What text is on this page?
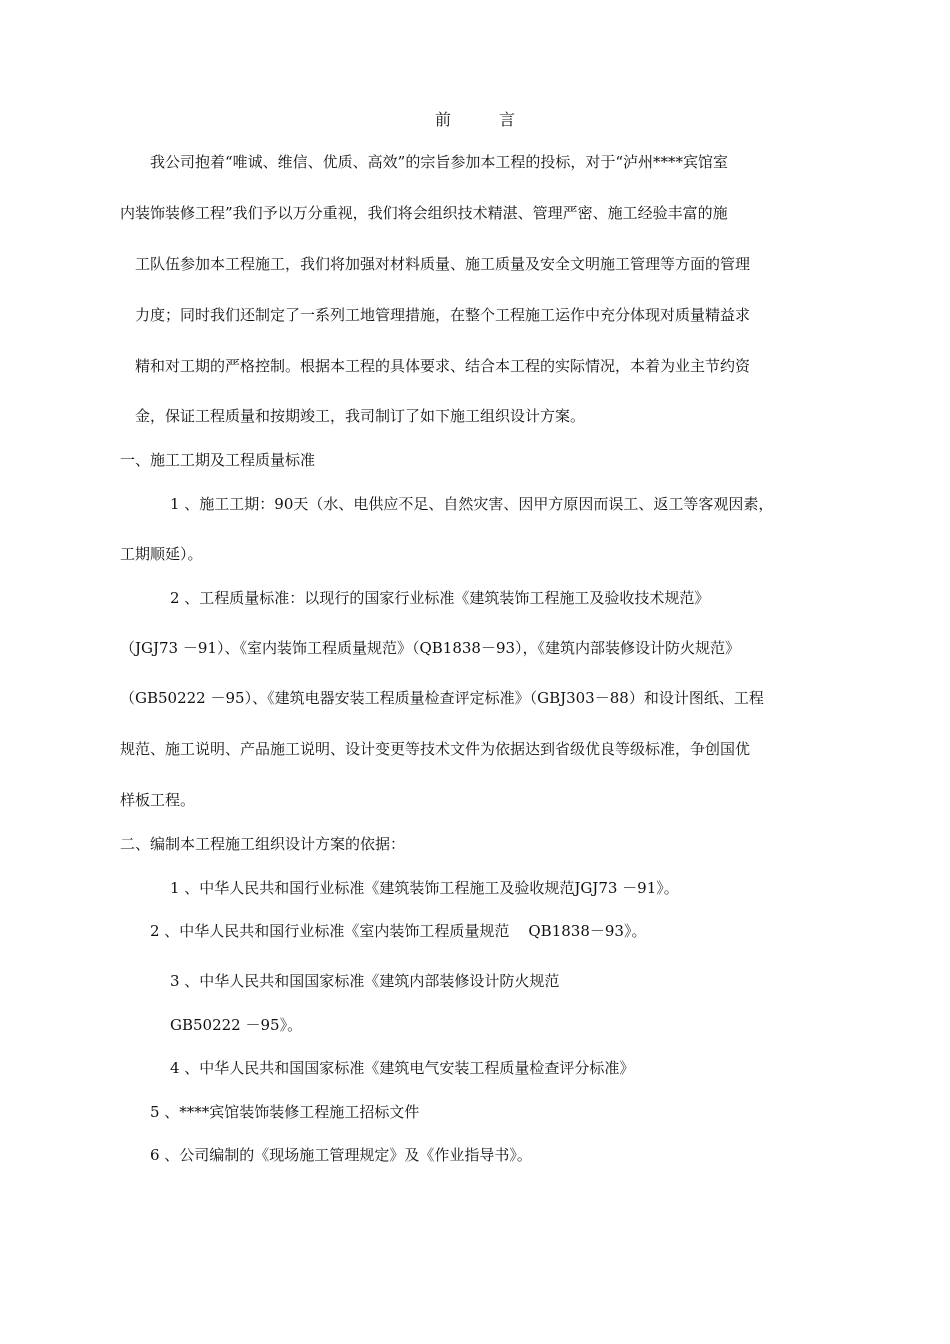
前言
我公司抱着“唯诚、维信、优质、高效”的宗旨参加本工程的投标，对于“泸州****宾馆室
内装饰装修工程”我们予以万分重视，我们将会组织技术精湛、管理严密、施工经验丰富的施
工队伍参加本工程施工，我们将加强对材料质量、施工质量及安全文明施工管理等方面的管理
力度；同时我们还制定了一系列工地管理措施，在整个工程施工运作中充分体现对质量精益求
精和对工期的严格控制。根据本工程的具体要求、结合本工程的实际情况，本着为业主节约资
金，保证工程质量和按期竣工，我司制订了如下施工组织设计方案。
一、施工工期及工程质量标准
1 、施工工期：90天（水、电供应不足、自然灾害、因甲方原因而误工、返工等客观因素，
工期顺延）。
2 、工程质量标准：以现行的国家行业标准《建筑装饰工程施工及验收技术规范》
（JGJ73 －91）、《室内装饰工程质量规范》（QB1838－93），《建筑内部装修设计防火规范》
（GB50222 －95）、《建筑电器安装工程质量检查评定标准》（GBJ303－88）和设计图纸、工程
规范、施工说明、产品施工说明、设计变更等技术文件为依据达到省级优良等级标准，争创国优
样板工程。
二、编制本工程施工组织设计方案的依据：
1 、中华人民共和国行业标准《建筑装饰工程施工及验收规范JGJ73 －91》。
2 、中华人民共和国行业标准《室内装饰工程质量规范    QB1838－93》。
3 、中华人民共和国国家标准《建筑内部装修设计防火规范
GB50222 －95》。
4 、中华人民共和国国家标准《建筑电气安装工程质量检查评分标准》
5 、****宾馆装饰装修工程施工招标文件
6 、公司编制的《现场施工管理规定》及《作业指导书》。
